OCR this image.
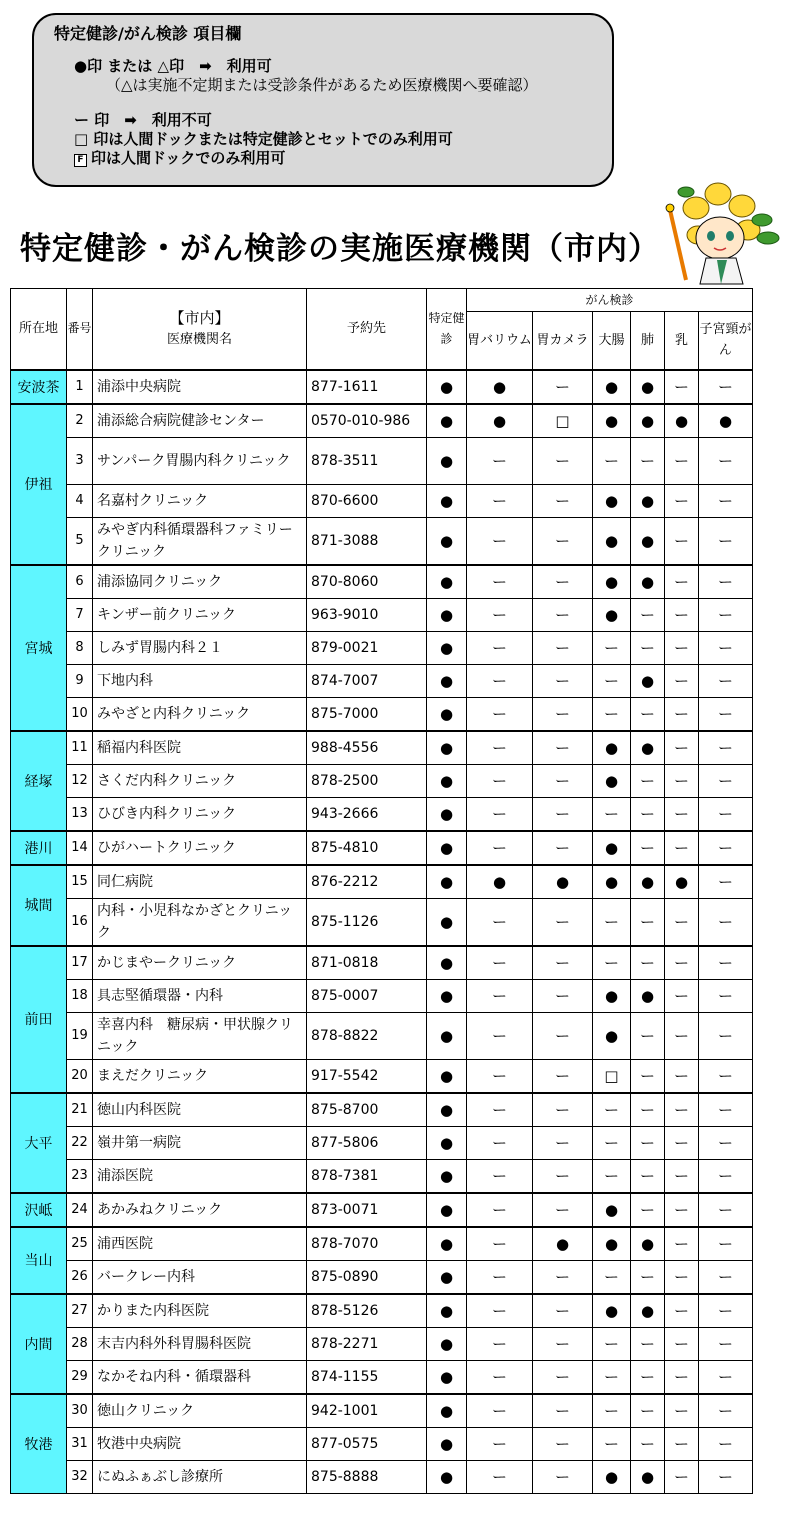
特定健診/がん検診 項目欄
●印 または △印　➡　利用可
（△は実施不定期または受診条件があるため医療機関へ要確認）
ー 印　➡　利用不可
□ 印は人間ドックまたは特定健診とセットでのみ利用可
F 印は人間ドックでのみ利用可
特定健診・がん検診の実施医療機関（市内）
所在地	番号	【市内】
医療機関名	予約先	特定健診	がん検診					
					胃バリウム	胃カメラ	大腸	肺	乳	子宮頸がん
安波茶	1	浦添中央病院	877-1611	●	●	ー	●	●	ー	ー
伊祖	2	浦添総合病院健診センター	0570-010-986	●	●	□	●	●	●	●
	3	サンパーク胃腸内科クリニック	878-3511	●	ー	ー	ー	ー	ー	ー
	4	名嘉村クリニック	870-6600	●	ー	ー	●	●	ー	ー
	5	みやぎ内科循環器科ファミリークリニック	871-3088	●	ー	ー	●	●	ー	ー
宮城	6	浦添協同クリニック	870-8060	●	ー	ー	●	●	ー	ー
	7	キンザー前クリニック	963-9010	●	ー	ー	●	ー	ー	ー
	8	しみず胃腸内科２１	879-0021	●	ー	ー	ー	ー	ー	ー
	9	下地内科	874-7007	●	ー	ー	ー	●	ー	ー
	10	みやざと内科クリニック	875-7000	●	ー	ー	ー	ー	ー	ー
経塚	11	稲福内科医院	988-4556	●	ー	ー	●	●	ー	ー
	12	さくだ内科クリニック	878-2500	●	ー	ー	●	ー	ー	ー
	13	ひびき内科クリニック	943-2666	●	ー	ー	ー	ー	ー	ー
港川	14	ひがハートクリニック	875-4810	●	ー	ー	●	ー	ー	ー
城間	15	同仁病院	876-2212	●	●	●	●	●	●	ー
	16	内科・小児科なかざとクリニック	875-1126	●	ー	ー	ー	ー	ー	ー
前田	17	かじまやークリニック	871-0818	●	ー	ー	ー	ー	ー	ー
	18	具志堅循環器・内科	875-0007	●	ー	ー	●	●	ー	ー
	19	幸喜内科　糖尿病・甲状腺クリニック	878-8822	●	ー	ー	●	ー	ー	ー
	20	まえだクリニック	917-5542	●	ー	ー	□	ー	ー	ー
大平	21	徳山内科医院	875-8700	●	ー	ー	ー	ー	ー	ー
	22	嶺井第一病院	877-5806	●	ー	ー	ー	ー	ー	ー
	23	浦添医院	878-7381	●	ー	ー	ー	ー	ー	ー
沢岻	24	あかみねクリニック	873-0071	●	ー	ー	●	ー	ー	ー
当山	25	浦西医院	878-7070	●	ー	●	●	●	ー	ー
	26	バークレー内科	875-0890	●	ー	ー	ー	ー	ー	ー
内間	27	かりまた内科医院	878-5126	●	ー	ー	●	●	ー	ー
	28	末吉内科外科胃腸科医院	878-2271	●	ー	ー	ー	ー	ー	ー
	29	なかそね内科・循環器科	874-1155	●	ー	ー	ー	ー	ー	ー
牧港	30	徳山クリニック	942-1001	●	ー	ー	ー	ー	ー	ー
	31	牧港中央病院	877-0575	●	ー	ー	ー	ー	ー	ー
	32	にぬふぁぶし診療所	875-8888	●	ー	ー	●	●	ー	ー
